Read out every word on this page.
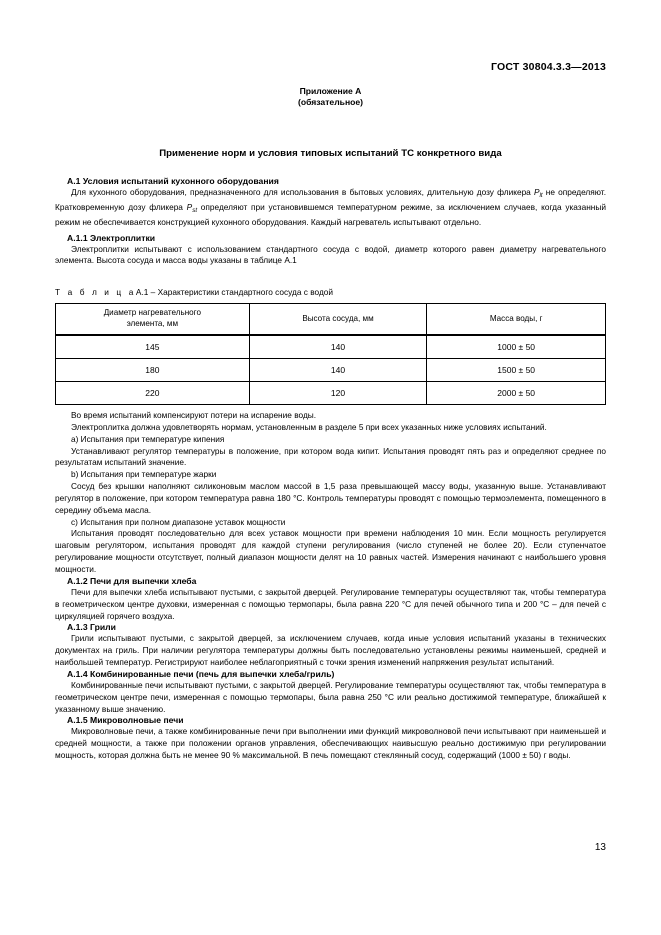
ГОСТ 30804.3.3—2013
Приложение А
(обязательное)
Применение норм и условия типовых испытаний ТС конкретного вида
А.1 Условия испытаний кухонного оборудования

Для кухонного оборудования, предназначенного для использования в бытовых условиях, длительную дозу фликера $P_{lt}$ не определяют. Кратковременную дозу фликера $P_{st}$ определяют при установившемся температурном режиме, за исключением случаев, когда указанный режим не обеспечивается конструкцией кухонного оборудования. Каждый нагреватель испытывают отдельно.

А.1.1 Электроплитки

Электроплитки испытывают с использованием стандартного сосуда с водой, диаметр которого равен диаметру нагревательного элемента. Высота сосуда и масса воды указаны в таблице А.1

Т а б л и ц аА.1 – Характеристики стандартного сосуда с водой
Диаметр нагревательного
элемента, мм	Высота сосуда, мм	Масса воды, г

145	140	1000 ± 50
180	140	1500 ± 50
220	120	2000 ± 50

Во время испытаний компенсируют потери на испарение воды.

Электроплитка должна удовлетворять нормам, установленным в разделе 5 при всех указанных ниже условиях испытаний.

a) Испытания при температуре кипения

Устанавливают регулятор температуры в положение, при котором вода кипит. Испытания проводят пять раз и определяют среднее по результатам испытаний значение.

b) Испытания при температуре жарки

Сосуд без крышки наполняют силиконовым маслом массой в 1,5 раза превышающей массу воды, указанную выше. Устанавливают регулятор в положение, при котором температура равна 180 °С. Контроль температуры проводят с помощью термоэлемента, помещенного в середину объема масла.

c) Испытания при полном диапазоне уставок мощности

Испытания проводят последовательно для всех уставок мощности при времени наблюдения 10 мин. Если мощность регулируется шаговым регулятором, испытания проводят для каждой ступени регулирования (число ступеней не более 20). Если ступенчатое регулирование мощности отсутствует, полный диапазон мощности делят на 10 равных частей. Измерения начинают с наибольшего уровня мощности.

А.1.2 Печи для выпечки хлеба

Печи для выпечки хлеба испытывают пустыми, с закрытой дверцей. Регулирование температуры осуществляют так, чтобы температура в геометрическом центре духовки, измеренная с помощью термопары, была равна 220 °С для печей обычного типа и 200 °С – для печей с циркуляцией горячего воздуха.

А.1.3 Грили

Грили испытывают пустыми, с закрытой дверцей, за исключением случаев, когда иные условия испытаний указаны в технических документах на гриль. При наличии регулятора температуры должны быть последовательно установлены режимы наименьшей, средней и наибольшей температур. Регистрируют наиболее неблагоприятный с точки зрения изменений напряжения результат испытаний.

А.1.4 Комбинированные печи (печь для выпечки хлеба/гриль)

Комбинированные печи испытывают пустыми, с закрытой дверцей. Регулирование температуры осуществляют так, чтобы температура в геометрическом центре печи, измеренная с помощью термопары, была равна 250 °С или реально достижимой температуре, ближайшей к указанному выше значению.

А.1.5 Микроволновые печи

Микроволновые печи, а также комбинированные печи при выполнении ими функций микроволновой печи испытывают при наименьшей и средней мощности, а также при положении органов управления, обеспечивающих наивысшую реально достижимую при регулировании мощность, которая должна быть не менее 90 % максимальной. В печь помещают стеклянный сосуд, содержащий (1000 ± 50) г воды.

13
